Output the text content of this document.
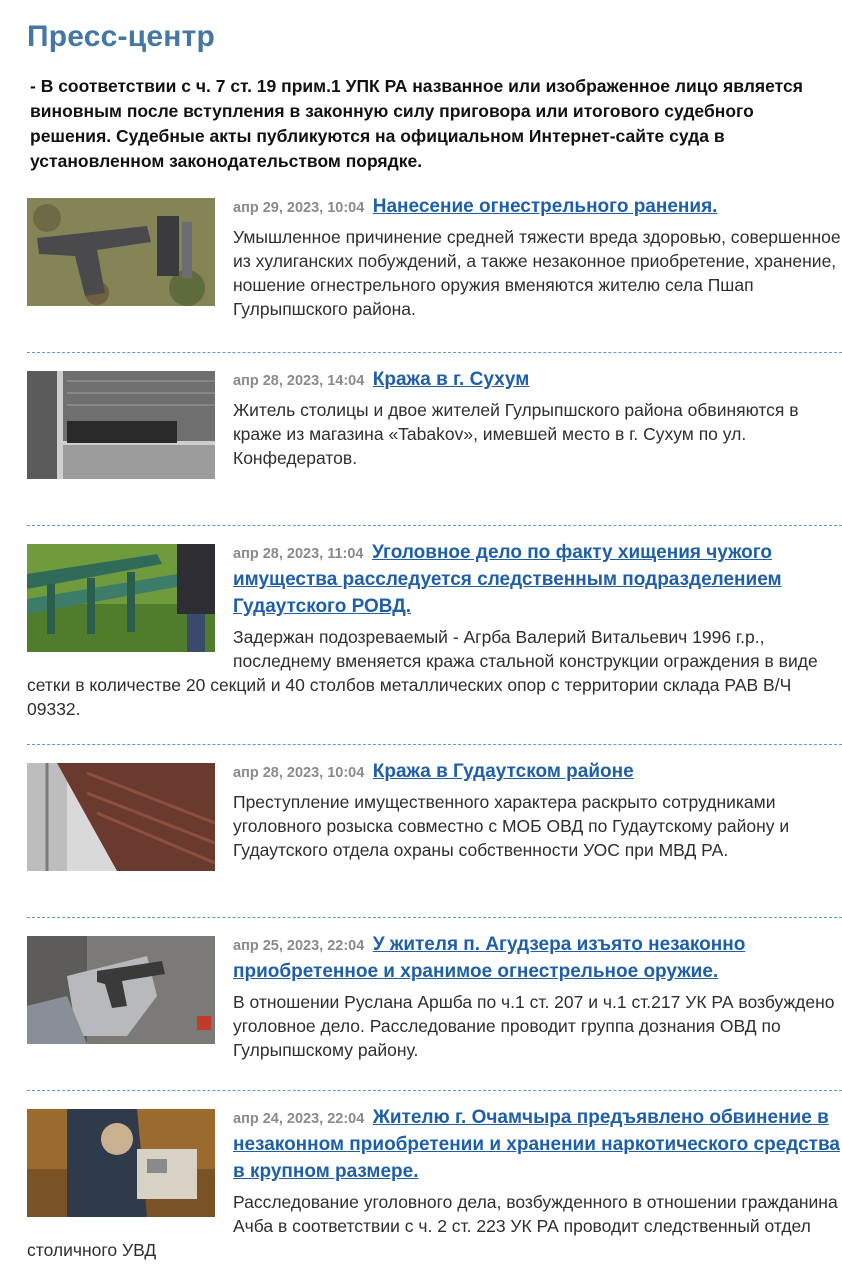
Пресс-центр
- В соответствии с ч. 7 ст. 19 прим.1 УПК РА названное или изображенное лицо является виновным после вступления в законную силу приговора или итогового судебного решения. Судебные акты публикуются на официальном Интернет-сайте суда в установленном законодательством порядке.
апр 29, 2023, 10:04 Нанесение огнестрельного ранения.
Умышленное причинение средней тяжести вреда здоровью, совершенное из хулиганских побуждений, а также незаконное приобретение, хранение, ношение огнестрельного оружия вменяются жителю села Пшап Гулрыпшского района.
апр 28, 2023, 14:04 Кража в г. Сухум
Житель столицы и двое жителей Гулрыпшского района обвиняются в краже из магазина «Tabakov», имевшей место в г. Сухум по ул. Конфедератов.
апр 28, 2023, 11:04 Уголовное дело по факту хищения чужого имущества расследуется следственным подразделением Гудаутского РОВД.
Задержан подозреваемый - Агрба Валерий Витальевич 1996 г.р., последнему вменяется кража стальной конструкции ограждения в виде сетки в количестве 20 секций и 40 столбов металлических опор с территории склада РАВ В/Ч 09332.
апр 28, 2023, 10:04 Кража в Гудаутском районе
Преступление имущественного характера раскрыто сотрудниками уголовного розыска совместно с МОБ ОВД по Гудаутскому району и Гудаутского отдела охраны собственности УОС при МВД РА.
апр 25, 2023, 22:04 У жителя п. Агудзера изъято незаконно приобретенное и хранимое огнестрельное оружие.
В отношении Руслана Аршба по ч.1 ст. 207 и ч.1 ст.217 УК РА возбуждено уголовное дело. Расследование проводит группа дознания ОВД по Гулрыпшскому району.
апр 24, 2023, 22:04 Жителю г. Очамчыра предъявлено обвинение в незаконном приобретении и хранении наркотического средства в крупном размере.
Расследование уголовного дела, возбужденного в отношении гражданина Ачба в соответствии с ч. 2 ст. 223 УК РА проводит следственный отдел столичного УВД
